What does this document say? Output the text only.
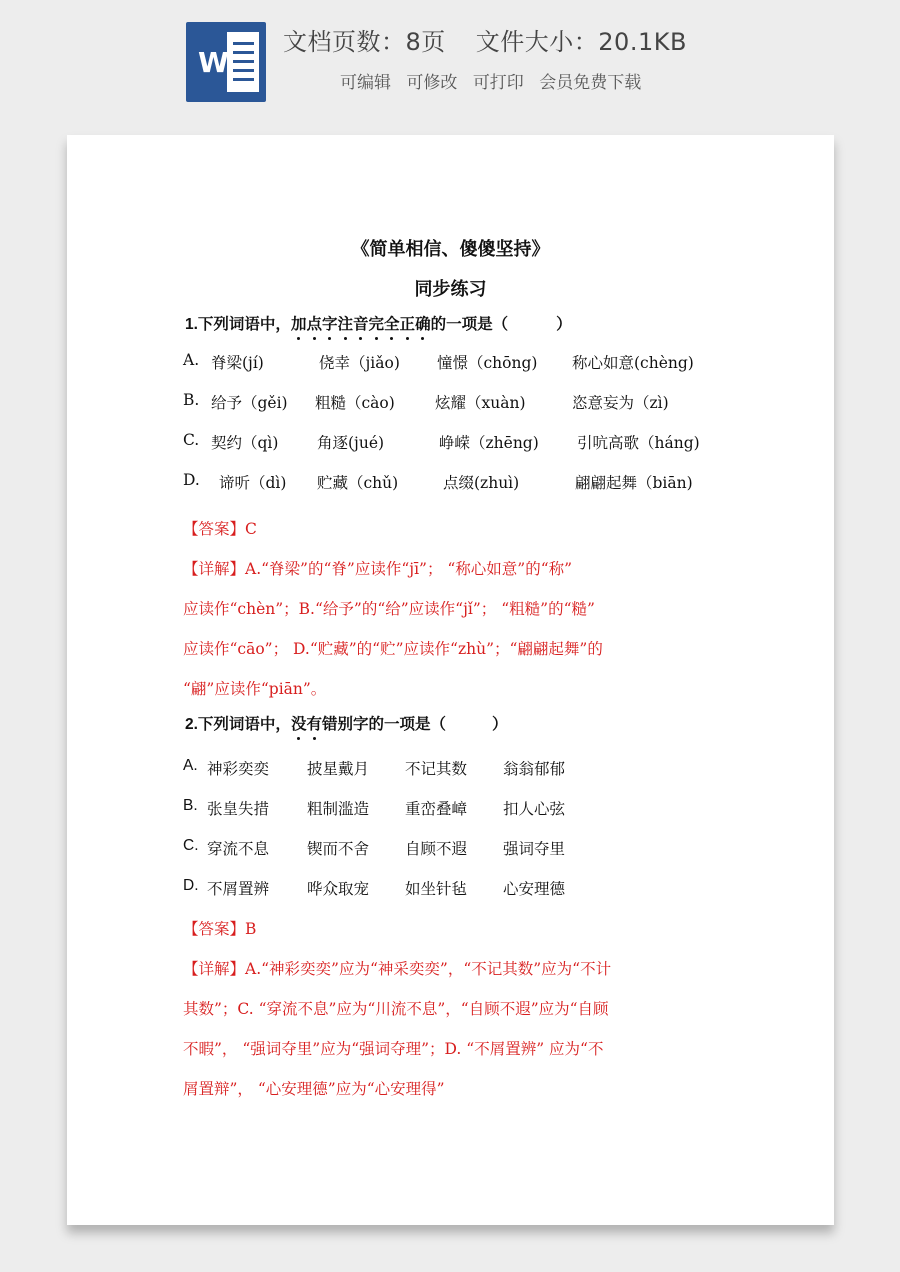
W
文档页数：8页 文件大小：20.1KB
可编辑 可修改 可打印 会员免费下载
《简单相信、傻傻坚持》
同步练习
1.下列词语中，加点字注音完全正确的一项是（	）
A. 脊梁(jí)	侥幸（jiǎo) 憧憬（chōng) 称心如意(chèng)
B. 给予（gěi) 粗糙（cào)	炫耀（xuàn)	恣意妄为（zì)
C. 契约（qì) 角逐(jué)	峥嵘（zhēng) 引吭高歌（háng)
D. 谛听（dì) 贮藏（chǔ)	点缀(zhuì)	翩翩起舞（biān)
【答案】C
【详解】A.“脊梁”的“脊”应读作“jī”； “称心如意”的“称”
应读作“chèn”；B.“给予”的“给”应读作“jǐ”； “粗糙”的“糙”
应读作“cāo”； D.“贮藏”的“贮”应读作“zhù”；“翩翩起舞”的
“翩”应读作“piān”。
2.下列词语中，没有错别字的一项是（	）
A. 神彩奕奕 披星戴月 不记其数 翁翁郁郁
B. 张皇失措 粗制滥造 重峦叠嶂 扣人心弦
C. 穿流不息 锲而不舍 自顾不遐 强词夺里
D. 不屑置辨 哗众取宠 如坐针毡 心安理德
【答案】B
【详解】A.“神彩奕奕”应为“神采奕奕”，“不记其数”应为“不计
其数”；C. “穿流不息”应为“川流不息”，“自顾不遐”应为“自顾
不暇”， “强词夺里”应为“强词夺理”；D. “不屑置辨” 应为“不
屑置辩”， “心安理德”应为“心安理得”
